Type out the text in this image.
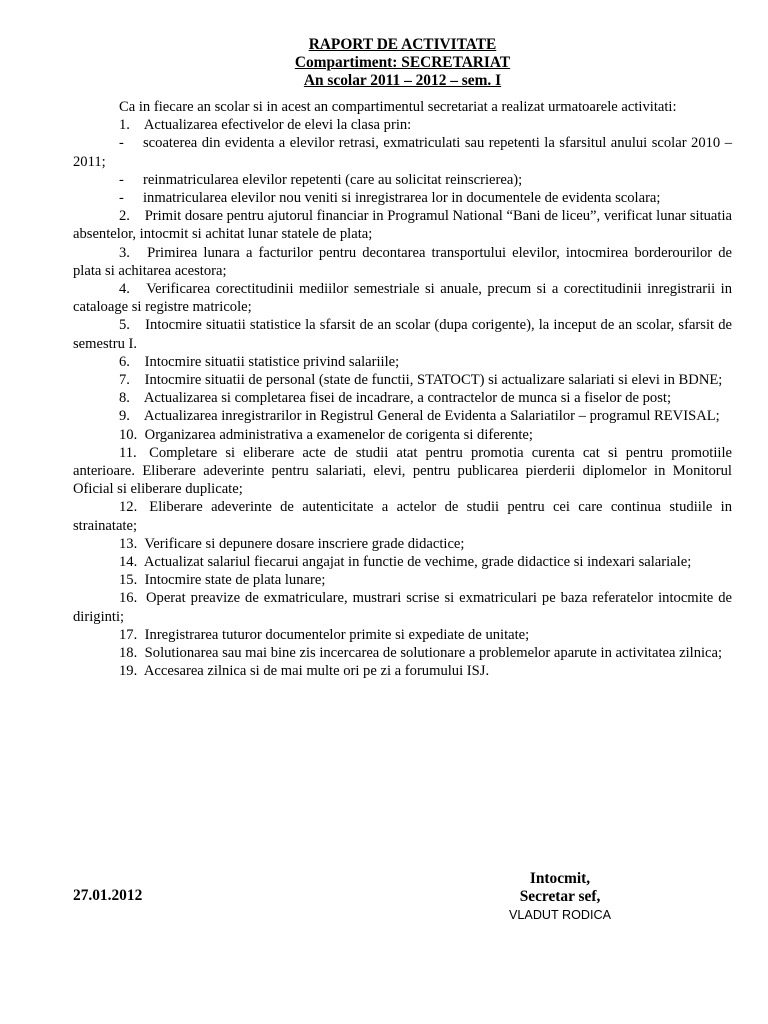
RAPORT DE ACTIVITATE
Compartiment: SECRETARIAT
An scolar 2011 – 2012 – sem. I
Ca in fiecare an scolar si in acest an compartimentul secretariat a realizat urmatoarele activitati:
1. Actualizarea efectivelor de elevi la clasa prin:
- scoaterea din evidenta a elevilor retrasi, exmatriculati sau repetenti la sfarsitul anului scolar 2010 – 2011;
- reinmatricularea elevilor repetenti (care au solicitat reinscrierea);
- inmatricularea elevilor nou veniti si inregistrarea lor in documentele de evidenta scolara;
2. Primit dosare pentru ajutorul financiar in Programul National “Bani de liceu”, verificat lunar situatia absentelor, intocmit si achitat lunar statele de plata;
3. Primirea lunara a facturilor pentru decontarea transportului elevilor, intocmirea borderourilor de plata si achitarea acestora;
4. Verificarea corectitudinii mediilor semestriale si anuale, precum si a corectitudinii inregistrarii in cataloage si registre matricole;
5. Intocmire situatii statistice la sfarsit de an scolar (dupa corigente), la inceput de an scolar, sfarsit de semestru I.
6. Intocmire situatii statistice privind salariile;
7. Intocmire situatii de personal (state de functii, STATOCT) si actualizare salariati si elevi in BDNE;
8. Actualizarea si completarea fisei de incadrare, a contractelor de munca si a fiselor de post;
9. Actualizarea inregistrarilor in Registrul General de Evidenta a Salariatilor – programul REVISAL;
10. Organizarea administrativa a examenelor de corigenta si diferente;
11. Completare si eliberare acte de studii atat pentru promotia curenta cat si pentru promotiile anterioare. Eliberare adeverinte pentru salariati, elevi, pentru publicarea pierderii diplomelor in Monitorul Oficial si eliberare duplicate;
12. Eliberare adeverinte de autenticitate a actelor de studii pentru cei care continua studiile in strainatate;
13. Verificare si depunere dosare inscriere grade didactice;
14. Actualizat salariul fiecarui angajat in functie de vechime, grade didactice si indexari salariale;
15. Intocmire state de plata lunare;
16. Operat preavize de exmatriculare, mustrari scrise si exmatriculari pe baza referatelor intocmite de diriginti;
17. Inregistrarea tuturor documentelor primite si expediate de unitate;
18. Solutionarea sau mai bine zis incercarea de solutionare a problemelor aparute in activitatea zilnica;
19. Accesarea zilnica si de mai multe ori pe zi a forumului ISJ.
27.01.2012
Intocmit,
Secretar sef,
VLADUT RODICA
